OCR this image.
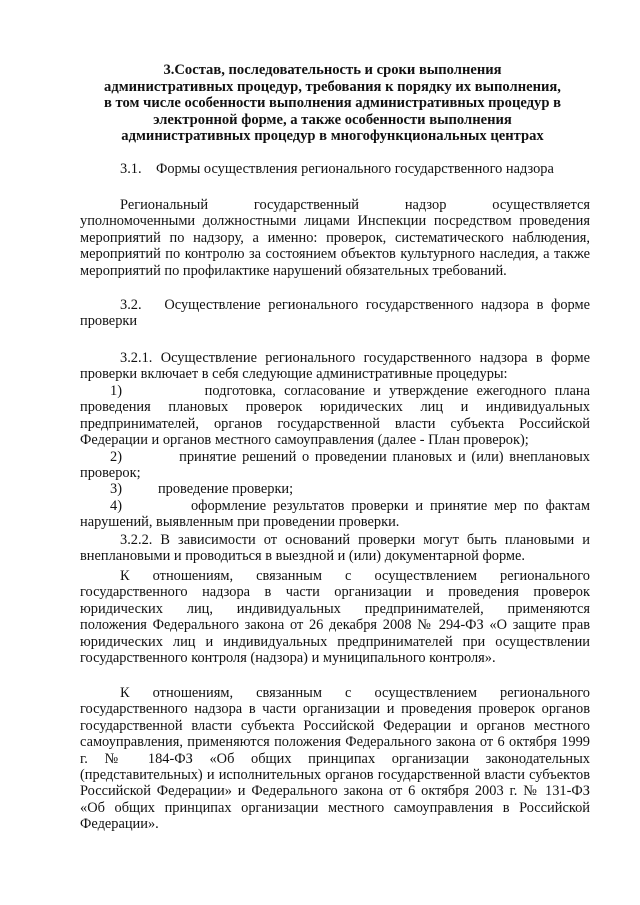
3.Состав, последовательность и сроки выполнения
административных процедур, требования к порядку их выполнения,
в том числе особенности выполнения административных процедур в
электронной форме, а также особенности выполнения
административных процедур в многофункциональных центрах

3.1.    Формы осуществления регионального государственного надзора

Региональный          государственный          надзор          осуществляется

уполномоченными должностными лицами Инспекции посредством проведения мероприятий по надзору, а именно: проверок, систематического наблюдения, мероприятий по контролю за состоянием объектов культурного наследия, а также мероприятий по профилактике нарушений обязательных требований.

3.2.   Осуществление регионального государственного надзора в форме проверки

3.2.1. Осуществление регионального государственного надзора в форме проверки включает в себя следующие административные процедуры:

1)          подготовка, согласование и утверждение ежегодного плана проведения плановых проверок юридических лиц и индивидуальных предпринимателей, органов государственной власти субъекта Российской Федерации и органов местного самоуправления (далее - План проверок);

2)          принятие решений о проведении плановых и (или) внеплановых проверок;

3)          проведение проверки;

4)          оформление результатов проверки и принятие мер по фактам нарушений, выявленным при проведении проверки.

3.2.2. В зависимости от оснований проверки могут быть плановыми и внеплановыми и проводиться в выездной и (или) документарной форме.

К    отношениям,    связанным    с    осуществлением    регионального государственного надзора в части организации и проведения проверок юридических   лиц,   индивидуальных   предпринимателей,   применяются положения Федерального закона от 26 декабря 2008 № 294-ФЗ «О защите прав юридических лиц и индивидуальных предпринимателей при осуществлении государственного контроля (надзора) и муниципального контроля».

К    отношениям,    связанным    с    осуществлением    регионального государственного надзора в части организации и проведения проверок органов государственной власти субъекта Российской Федерации и органов местного самоуправления, применяются положения Федерального закона от 6 октября 1999 г. № 184-ФЗ «Об общих принципах организации законодательных (представительных) и исполнительных органов государственной власти субъектов Российской Федерации» и Федерального закона от 6 октября 2003 г. № 131-ФЗ «Об общих принципах организации местного самоуправления в Российской Федерации».
